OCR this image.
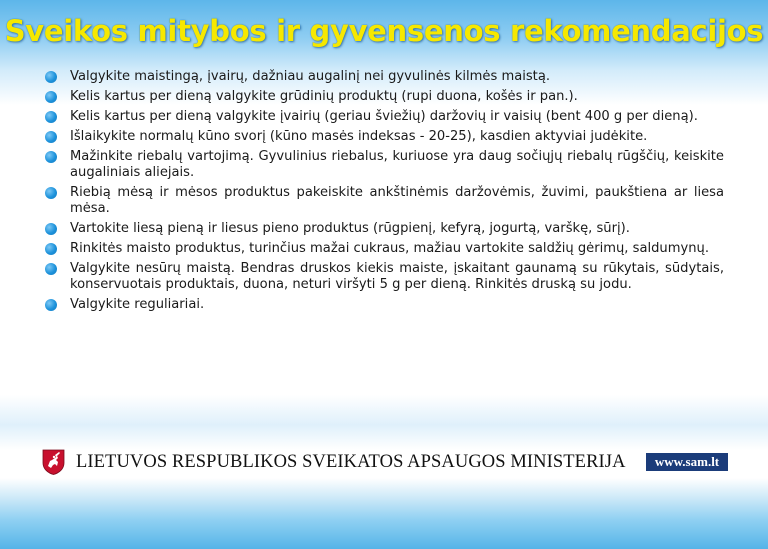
Sveikos mitybos ir gyvensenos rekomendacijos
Valgykite maistingą, įvairų, dažniau augalinį nei gyvulinės kilmės maistą.
Kelis kartus per dieną valgykite grūdinių produktų (rupi duona, košės ir pan.).
Kelis kartus per dieną valgykite įvairių (geriau šviežių) daržovių ir vaisių (bent 400 g per dieną).
Išlaikykite normalų kūno svorį (kūno masės indeksas - 20-25), kasdien aktyviai judėkite.
Mažinkite riebalų vartojimą. Gyvulinius riebalus, kuriuose yra daug sočiųjų riebalų rūgščių, keiskite augaliniais aliejais.
Riebią mėsą ir mėsos produktus pakeiskite ankštinėmis daržovėmis, žuvimi, paukštiena ar liesa mėsa.
Vartokite liesą pieną ir liesus pieno produktus (rūgpienį, kefyrą, jogurtą, varškę, sūrį).
Rinkitės maisto produktus, turinčius mažai cukraus, mažiau vartokite saldžių gėrimų, saldumynų.
Valgykite nesūrų maistą. Bendras druskos kiekis maiste, įskaitant gaunamą su rūkytais, sūdytais, konservuotais produktais, duona, neturi viršyti 5 g per dieną. Rinkitės druską su jodu.
Valgykite reguliariai.
LIETUVOS RESPUBLIKOS SVEIKATOS APSAUGOS MINISTERIJA	www.sam.lt
